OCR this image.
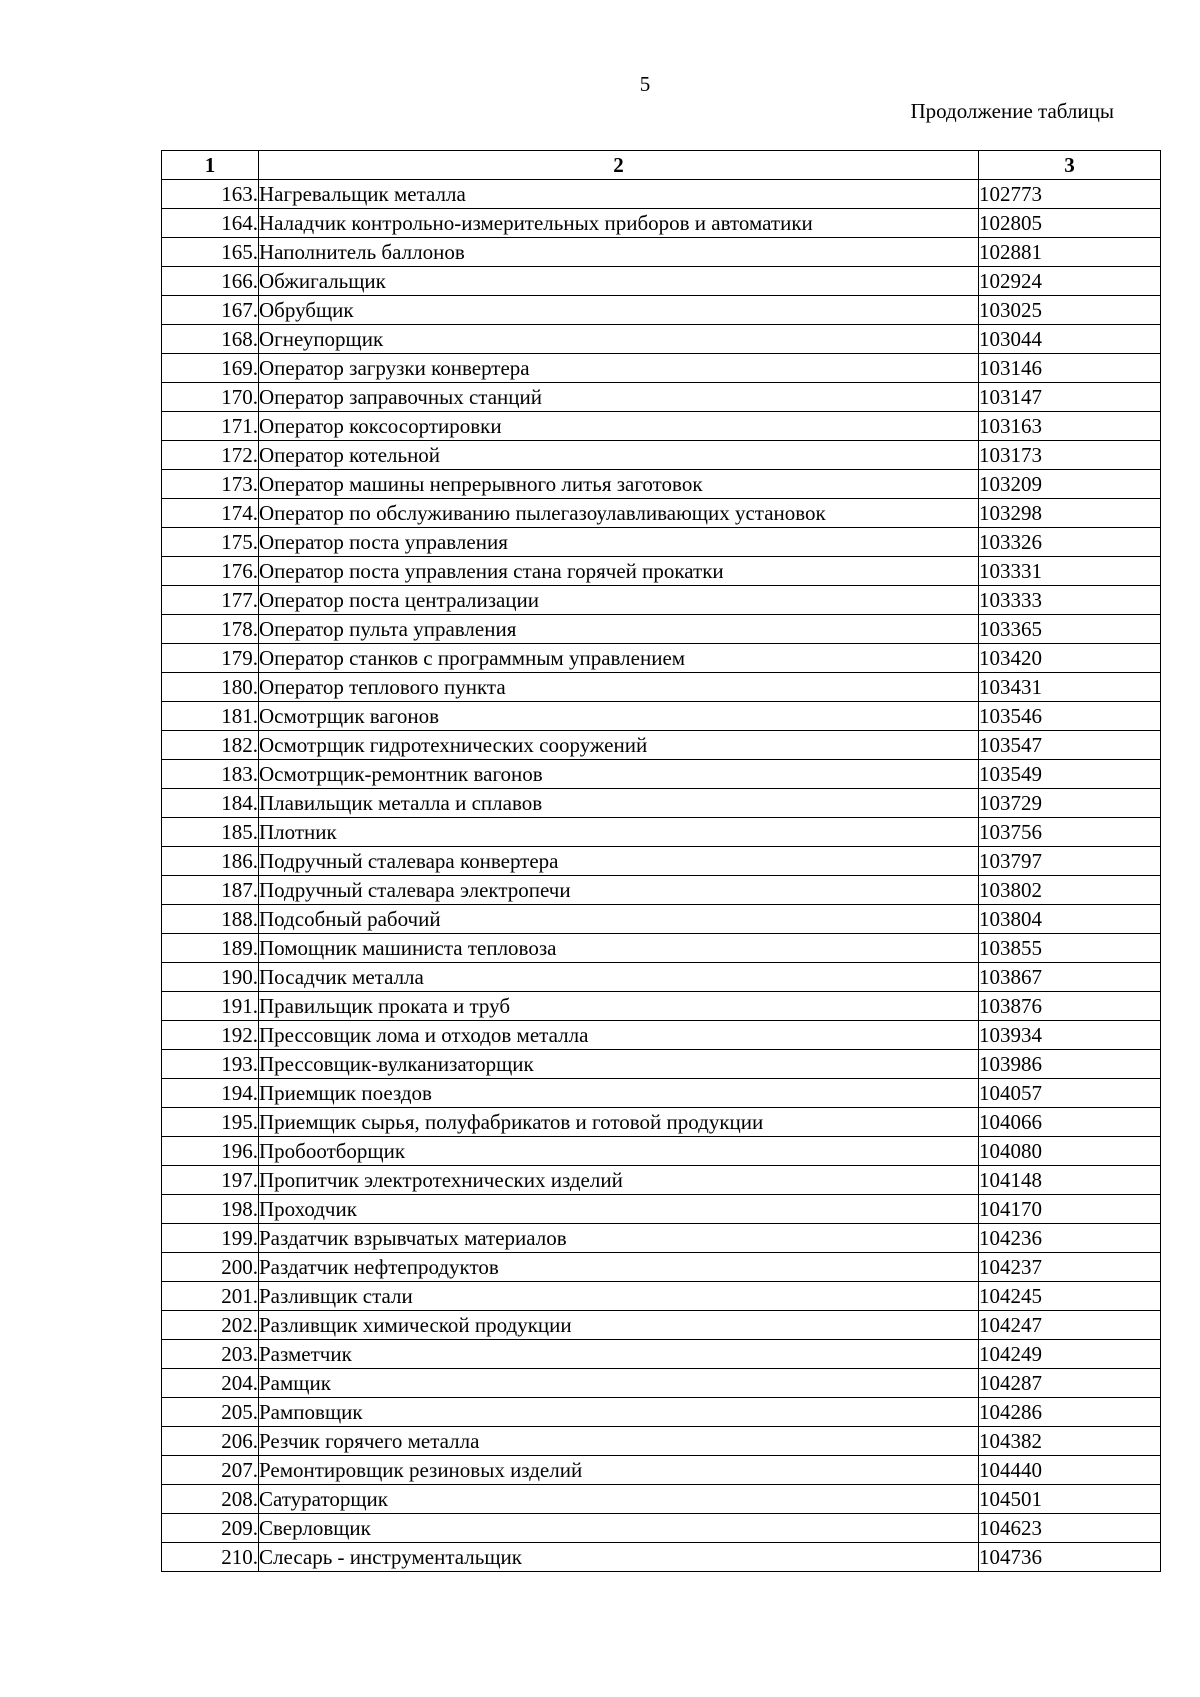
5
Продолжение таблицы
1	2	3
163.	Нагревальщик металла	102773
164.	Наладчик контрольно-измерительных приборов и автоматики	102805
165.	Наполнитель баллонов	102881
166.	Обжигальщик	102924
167.	Обрубщик	103025
168.	Огнеупорщик	103044
169.	Оператор загрузки конвертера	103146
170.	Оператор заправочных станций	103147
171.	Оператор коксосортировки	103163
172.	Оператор котельной	103173
173.	Оператор машины непрерывного литья заготовок	103209
174.	Оператор по обслуживанию пылегазоулавливающих установок	103298
175.	Оператор поста управления	103326
176.	Оператор поста управления стана горячей прокатки	103331
177.	Оператор поста централизации	103333
178.	Оператор пульта управления	103365
179.	Оператор станков с программным управлением	103420
180.	Оператор теплового пункта	103431
181.	Осмотрщик вагонов	103546
182.	Осмотрщик гидротехнических сооружений	103547
183.	Осмотрщик-ремонтник вагонов	103549
184.	Плавильщик металла и сплавов	103729
185.	Плотник	103756
186.	Подручный сталевара конвертера	103797
187.	Подручный сталевара электропечи	103802
188.	Подсобный рабочий	103804
189.	Помощник машиниста тепловоза	103855
190.	Посадчик металла	103867
191.	Правильщик проката и труб	103876
192.	Прессовщик лома и отходов металла	103934
193.	Прессовщик-вулканизаторщик	103986
194.	Приемщик поездов	104057
195.	Приемщик сырья, полуфабрикатов и готовой продукции	104066
196.	Пробоотборщик	104080
197.	Пропитчик электротехнических изделий	104148
198.	Проходчик	104170
199.	Раздатчик взрывчатых материалов	104236
200.	Раздатчик нефтепродуктов	104237
201.	Разливщик стали	104245
202.	Разливщик химической продукции	104247
203.	Разметчик	104249
204.	Рамщик	104287
205.	Рамповщик	104286
206.	Резчик горячего металла	104382
207.	Ремонтировщик резиновых изделий	104440
208.	Сатураторщик	104501
209.	Сверловщик	104623
210.	Слесарь - инструментальщик	104736
